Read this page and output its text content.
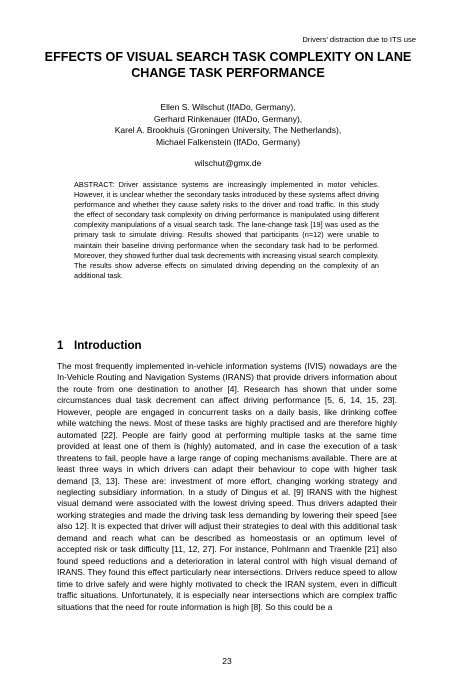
Drivers’ distraction due to ITS use
EFFECTS OF VISUAL SEARCH TASK COMPLEXITY ON LANE CHANGE TASK PERFORMANCE
Ellen S. Wilschut (IfADo, Germany),
Gerhard Rinkenauer (IfADo, Germany),
Karel A. Brookhuis (Groningen University, The Netherlands),
Michael Falkenstein (IfADo, Germany)
wilschut@gmx.de

ABSTRACT: Driver assistance systems are increasingly implemented in motor vehicles. However, it is unclear whether the secondary tasks introduced by these systems affect driving performance and whether they cause safety risks to the driver and road traffic. In this study the effect of secondary task complexity on driving performance is manipulated using different complexity manipulations of a visual search task. The lane-change task [19] was used as the primary task to simulate driving. Results showed that participants (n=12) were unable to maintain their baseline driving performance when the secondary task had to be performed. Moreover, they showed further dual task decrements with increasing visual search complexity. The results show adverse effects on simulated driving depending on the complexity of an additional task.

1 Introduction

The most frequently implemented in-vehicle information systems (IVIS) nowadays are the In-Vehicle Routing and Navigation Systems (IRANS) that provide drivers information about the route from one destination to another [4]. Research has shown that under some circumstances dual task decrement can affect driving performance [5, 6, 14, 15, 23]. However, people are engaged in concurrent tasks on a daily basis, like drinking coffee while watching the news. Most of these tasks are highly practised and are therefore highly automated [22]. People are fairly good at performing multiple tasks at the same time provided at least one of them is (highly) automated, and in case the execution of a task threatens to fail, people have a large range of coping mechanisms available. There are at least three ways in which drivers can adapt their behaviour to cope with higher task demand [3, 13]. These are: investment of more effort, changing working strategy and neglecting subsidiary information. In a study of Dingus et al. [9] IRANS with the highest visual demand were associated with the lowest driving speed. Thus drivers adapted their working strategies and made the driving task less demanding by lowering their speed [see also 12]. It is expected that driver will adjust their strategies to deal with this additional task demand and reach what can be described as homeostasis or an optimum level of accepted risk or task difficulty [11, 12, 27]. For instance, Pohlmann and Traenkle [21] also found speed reductions and a deterioration in lateral control with high visual demand of IRANS. They found this effect particularly near intersections. Drivers reduce speed to allow time to drive safely and were highly motivated to check the IRAN system, even in difficult traffic situations. Unfortunately, it is especially near intersections which are complex traffic situations that the need for route information is high [8]. So this could be a

23
